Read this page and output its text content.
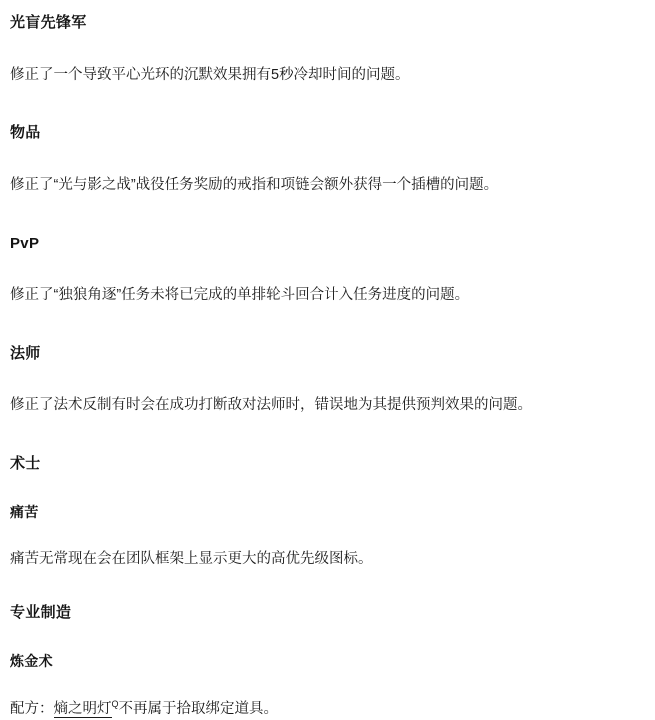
光盲先锋军

修正了一个导致平心光环的沉默效果拥有5秒冷却时间的问题。

物品

修正了“光与影之战”战役任务奖励的戒指和项链会额外获得一个插槽的问题。

PvP

修正了“独狼角逐”任务未将已完成的单排轮斗回合计入任务进度的问题。

法师

修正了法术反制有时会在成功打断敌对法师时，错误地为其提供预判效果的问题。

术士
痛苦

痛苦无常现在会在团队框架上显示更大的高优先级图标。

专业制造
炼金术

配方：熵之明灯$^Q$不再属于拾取绑定道具。
